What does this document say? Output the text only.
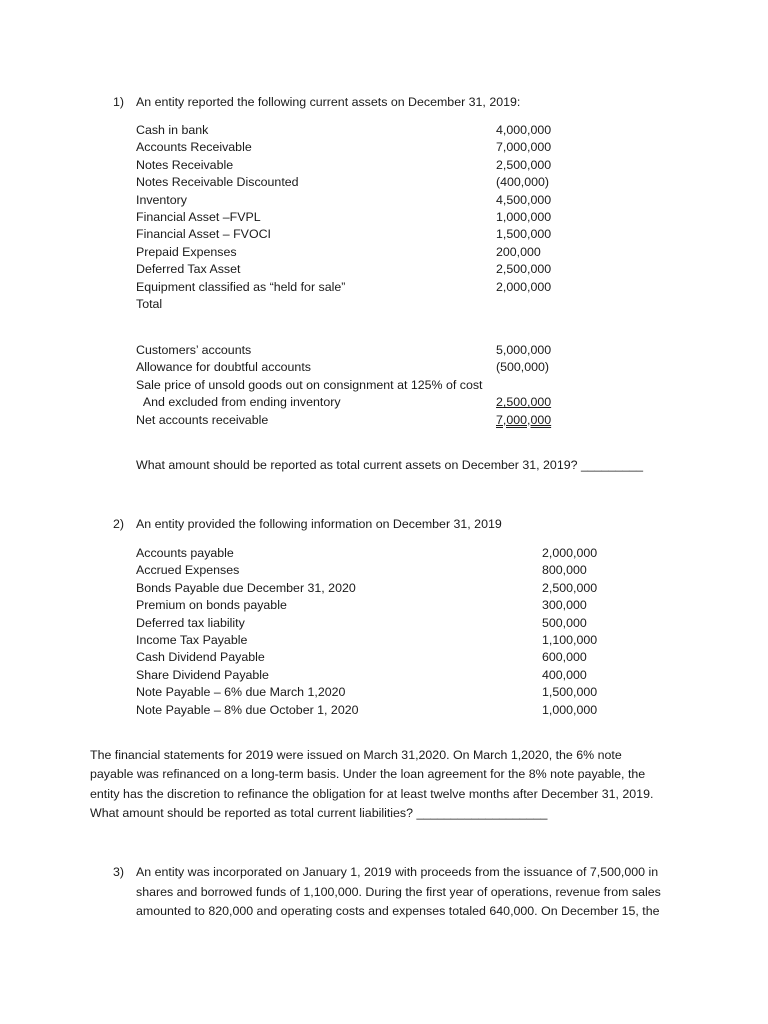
1) An entity reported the following current assets on December 31, 2019:
Cash in bank	4,000,000
Accounts Receivable	7,000,000
Notes Receivable	2,500,000
Notes Receivable Discounted	(400,000)
Inventory	4,500,000
Financial Asset –FVPL	1,000,000
Financial Asset – FVOCI	1,500,000
Prepaid Expenses	200,000
Deferred Tax Asset	2,500,000
Equipment classified as “held for sale”	2,000,000
Total
Customers’ accounts	5,000,000
Allowance for doubtful accounts	(500,000)
Sale price of unsold goods out on consignment at 125% of cost
And excluded from ending inventory	2,500,000
Net accounts receivable	7,000,000
What amount should be reported as total current assets on December 31, 2019? _________
2) An entity provided the following information on December 31, 2019
Accounts payable	2,000,000
Accrued Expenses	800,000
Bonds Payable due December 31, 2020	2,500,000
Premium on bonds payable	300,000
Deferred tax liability	500,000
Income Tax Payable	1,100,000
Cash Dividend Payable	600,000
Share Dividend Payable	400,000
Note Payable – 6% due March 1,2020	1,500,000
Note Payable – 8% due October 1, 2020	1,000,000
The financial statements for 2019 were issued on March 31,2020. On March 1,2020, the 6% note
payable was refinanced on a long-term basis. Under the loan agreement for the 8% note payable, the
entity has the discretion to refinance the obligation for at least twelve months after December 31, 2019.
What amount should be reported as total current liabilities? ___________________
3) An entity was incorporated on January 1, 2019 with proceeds from the issuance of 7,500,000 in
shares and borrowed funds of 1,100,000. During the first year of operations, revenue from sales
amounted to 820,000 and operating costs and expenses totaled 640,000. On December 15, the
